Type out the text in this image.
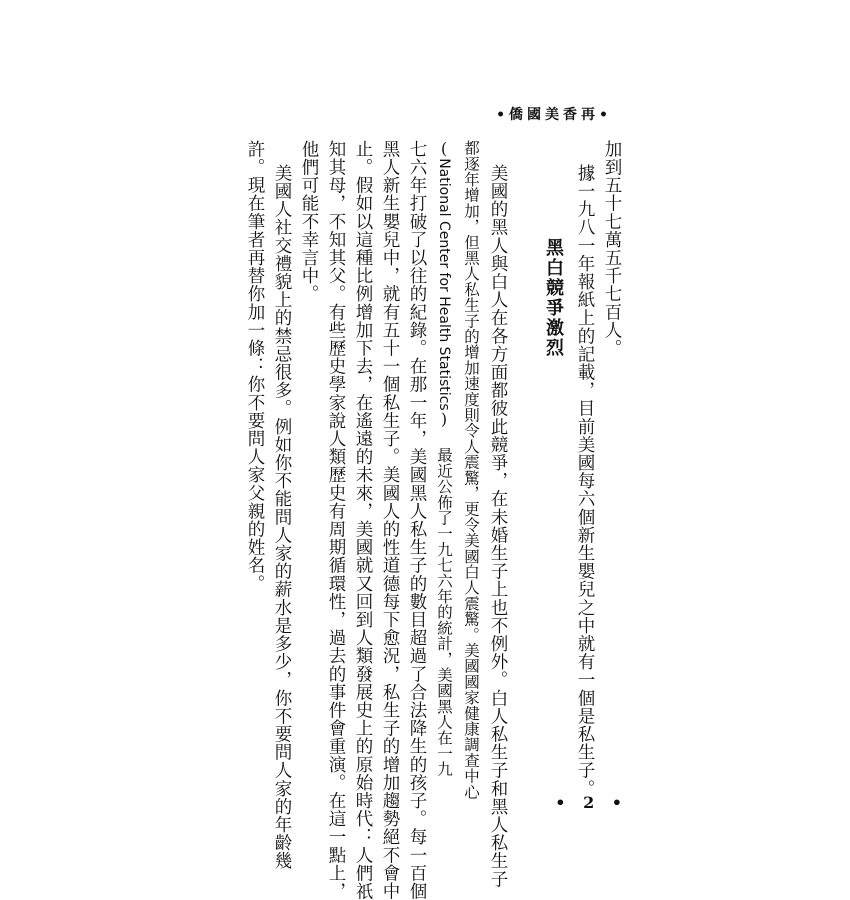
•僑國美香再•
加到五十七萬五千七百人。
據一九八一年報紙上的記載，目前美國每六個新生嬰兒之中就有一個是私生子。
黑白競爭激烈
美國的黑人與白人在各方面都彼此競爭，在未婚生子上也不例外。白人私生子和黑人私生子
都逐年增加，但黑人私生子的增加速度則令人震驚，更令美國白人震驚。美國國家健康調查中心
(National Center for Health Statistics) 最近公佈了一九七六年的統計，美國黑人在一九
七六年打破了以往的紀錄。在那一年，美國黑人私生子的數目超過了合法降生的孩子。每一百個
黑人新生嬰兒中，就有五十一個私生子。美國人的性道德每下愈況，私生子的增加趨勢絕不會中
止。假如以這種比例增加下去，在遙遠的未來，美國就又回到人類發展史上的原始時代：人們祇
知其母，不知其父。有些歷史學家說人類歷史有周期循環性，過去的事件會重演。在這一點上，
他們可能不幸言中。
美國人社交禮貌上的禁忌很多。例如你不能問人家的薪水是多少，你不要問人家的年齡幾
許。現在筆者再替你加一條：你不要問人家父親的姓名。
• 2 •
